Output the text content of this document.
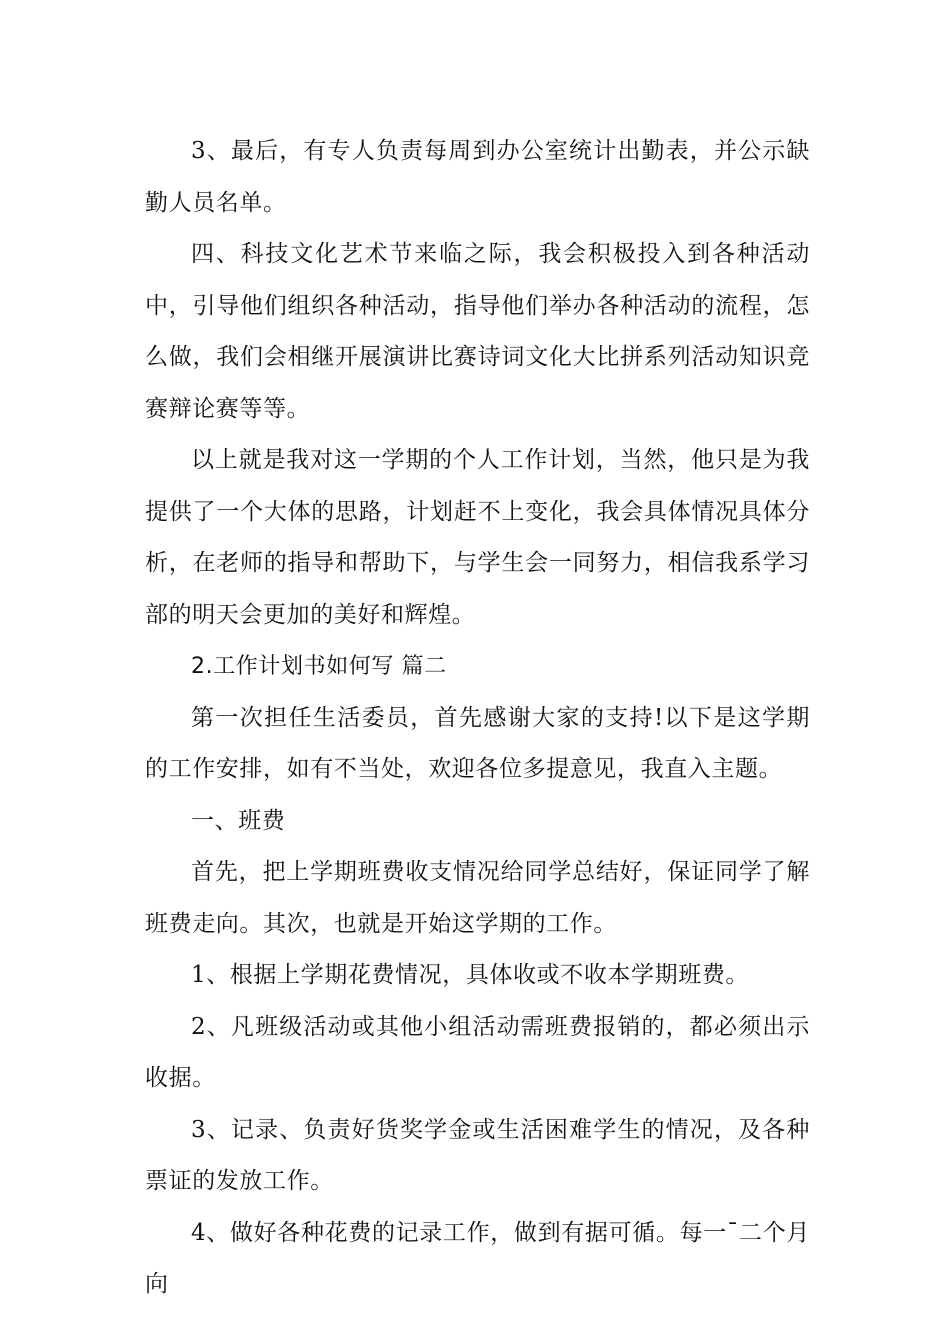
3、最后，有专人负责每周到办公室统计出勤表，并公示缺勤人员名单。

四、科技文化艺术节来临之际，我会积极投入到各种活动中，引导他们组织各种活动，指导他们举办各种活动的流程，怎么做，我们会相继开展演讲比赛诗词文化大比拼系列活动知识竞赛辩论赛等等。

以上就是我对这一学期的个人工作计划，当然，他只是为我提供了一个大体的思路，计划赶不上变化，我会具体情况具体分析，在老师的指导和帮助下，与学生会一同努力，相信我系学习部的明天会更加的美好和辉煌。

2.工作计划书如何写 篇二

第一次担任生活委员，首先感谢大家的支持!以下是这学期的工作安排，如有不当处，欢迎各位多提意见，我直入主题。

一、班费

首先，把上学期班费收支情况给同学总结好，保证同学了解班费走向。其次，也就是开始这学期的工作。

1、根据上学期花费情况，具体收或不收本学期班费。

2、凡班级活动或其他小组活动需班费报销的，都必须出示收据。

3、记录、负责好货奖学金或生活困难学生的情况，及各种票证的发放工作。

4、做好各种花费的记录工作，做到有据可循。每一¯二个月向
